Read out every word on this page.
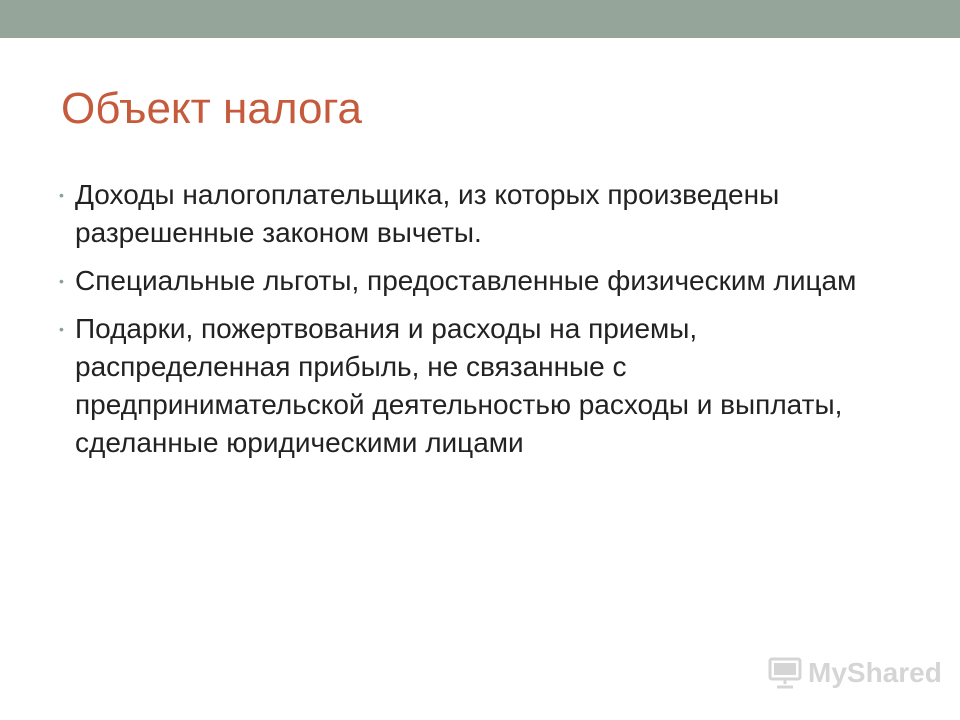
Объект налога
• Доходы налогоплательщика, из которых произведены разрешенные законом вычеты.
• Специальные льготы, предоставленные физическим лицам
• Подарки, пожертвования и расходы на приемы, распределенная прибыль, не связанные с предпринимательской деятельностью расходы и выплаты, сделанные юридическими лицами
MyShared
